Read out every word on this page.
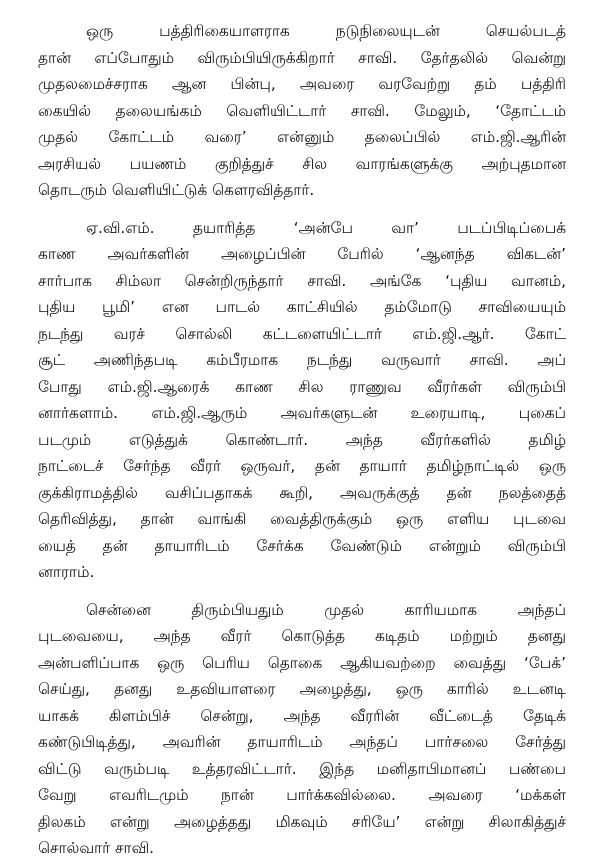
ஒரு பத்திரிகையாளராக நடுநிலையுடன் செயல்படத்
தான் எப்போதும் விரும்பியிருக்கிறார் சாவி. தேர்தலில் வென்று
முதலமைச்சராக ஆன பின்பு, அவரை வரவேற்று தம் பத்திரி
கையில் தலையங்கம் வெளியிட்டார் சாவி. மேலும், ‘தோட்டம்
முதல் கோட்டம் வரை’ என்னும் தலைப்பில் எம்.ஜி.ஆரின்
அரசியல் பயணம் குறித்துச் சில வாரங்களுக்கு அற்புதமான
தொடரும் வெளியிட்டுக் கௌரவித்தார்.
ஏ.வி.எம். தயாரித்த ‘அன்பே வா’ படப்பிடிப்பைக்
காண அவர்களின் அழைப்பின் பேரில் ‘ஆனந்த விகடன்’
சார்பாக சிம்லா சென்றிருந்தார் சாவி. அங்கே ‘புதிய வானம்,
புதிய பூமி’ என பாடல் காட்சியில் தம்மோடு சாவியையும்
நடந்து வரச் சொல்லி கட்டளையிட்டார் எம்.ஜி.ஆர். கோட்
சூட் அணிந்தபடி கம்பீரமாக நடந்து வருவார் சாவி. அப்
போது எம்.ஜி.ஆரைக் காண சில ராணுவ வீரர்கள் விரும்பி
னார்களாம். எம்.ஜி.ஆரும் அவர்களுடன் உரையாடி, புகைப்
படமும் எடுத்துக் கொண்டார். அந்த வீரர்களில் தமிழ்
நாட்டைச் சேர்ந்த வீரர் ஒருவர், தன் தாயார் தமிழ்நாட்டில் ஒரு
குக்கிராமத்தில் வசிப்பதாகக் கூறி, அவருக்குத் தன் நலத்தைத்
தெரிவித்து, தான் வாங்கி வைத்திருக்கும் ஒரு எளிய புடவை
யைத் தன் தாயாரிடம் சேர்க்க வேண்டும் என்றும் விரும்பி
னாராம்.
சென்னை திரும்பியதும் முதல் காரியமாக அந்தப்
புடவையை, அந்த வீரர் கொடுத்த கடிதம் மற்றும் தனது
அன்பளிப்பாக ஒரு பெரிய தொகை ஆகியவற்றை வைத்து ‘பேக்’
செய்து, தனது உதவியாளரை அழைத்து, ஒரு காரில் உடனடி
யாகக் கிளம்பிச் சென்று, அந்த வீரரின் வீட்டைத் தேடிக்
கண்டுபிடித்து, அவரின் தாயாரிடம் அந்தப் பார்சலை சேர்த்து
விட்டு வரும்படி உத்தரவிட்டார். இந்த மனிதாபிமானப் பண்பை
வேறு எவரிடமும் நான் பார்க்கவில்லை. அவரை ‘மக்கள்
திலகம் என்று அழைத்தது மிகவும் சரியே’ என்று சிலாகித்துச்
சொல்வார் சாவி.
